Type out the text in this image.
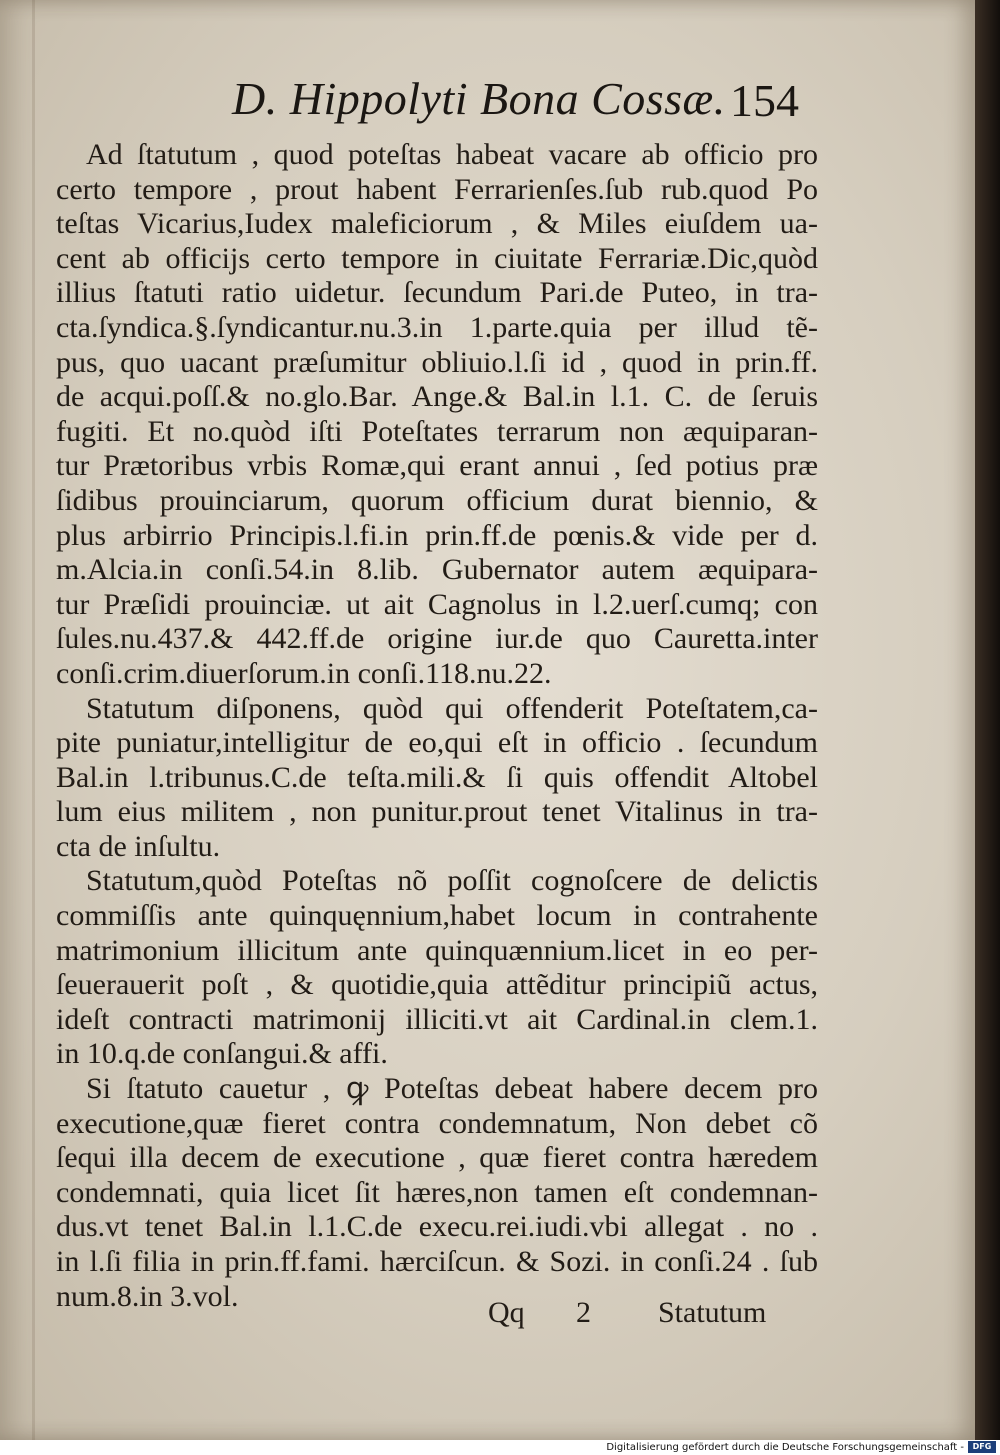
D. Hippolyti Bona Cossæ. 154
Ad ſtatutum , quod poteſtas habeat vacare ab officio pro
certo tempore , prout habent Ferrarienſes.ſub rub.quod Po
teſtas Vicarius,Iudex maleficiorum , & Miles eiuſdem ua-
cent ab officijs certo tempore in ciuitate Ferrariæ.Dic,quòd
illius ſtatuti ratio uidetur. ſecundum Pari.de Puteo, in tra-
cta.ſyndica.§.ſyndicantur.nu.3.in 1.parte.quia per illud tẽ-
pus, quo uacant præſumitur obliuio.l.ſi id , quod in prin.ff.
de acqui.poſſ.& no.glo.Bar. Ange.& Bal.in l.1. C. de ſeruis
fugiti. Et no.quòd iſti Poteſtates terrarum non æquiparan-
tur Prætoribus vrbis Romæ,qui erant annui , ſed potius præ
ſidibus prouinciarum, quorum officium durat biennio, &
plus arbirrio Principis.l.fi.in prin.ff.de pœnis.& vide per d.
m.Alcia.in conſi.54.in 8.lib. Gubernator autem æquipara-
tur Prӕſidi prouinciæ. ut ait Cagnolus in l.2.uerſ.cumq; con
ſules.nu.437.& 442.ff.de origine iur.de quo Cauretta.inter
conſi.crim.diuerſorum.in conſi.118.nu.22.
Statutum diſponens, quòd qui offenderit Poteſtatem,ca-
pite puniatur,intelligitur de eo,qui eſt in officio . ſecundum
Bal.in l.tribunus.C.de teſta.mili.& ſi quis offendit Altobel
lum eius militem , non punitur.prout tenet Vitalinus in tra-
cta de inſultu.
Statutum,quòd Poteſtas nõ poſſit cognoſcere de delictis
commiſſis ante quinquęnnium,habet locum in contrahente
matrimonium illicitum ante quinquænnium.licet in eo per-
ſeuerauerit poſt , & quotidie,quia attẽditur principiũ actus,
ideſt contracti matrimonij illiciti.vt ait Cardinal.in clem.1.
in 10.q.de conſangui.& affi.
Si ſtatuto cauetur , ꝙ Poteſtas debeat habere decem pro
executione,quæ fieret contra condemnatum, Non debet cõ
ſequi illa decem de executione , quæ fieret contra hæredem
condemnati, quia licet ſit hæres,non tamen eſt condemnan-
dus.vt tenet Bal.in l.1.C.de execu.rei.iudi.vbi allegat . no .
in l.ſi filia in prin.ff.fami. hærciſcun. & Sozi. in conſi.24 . ſub
num.8.in 3.vol.	Qq 2 Statutum
Digitalisierung gefördert durch die Deutsche Forschungsgemeinschaft -	DFG
